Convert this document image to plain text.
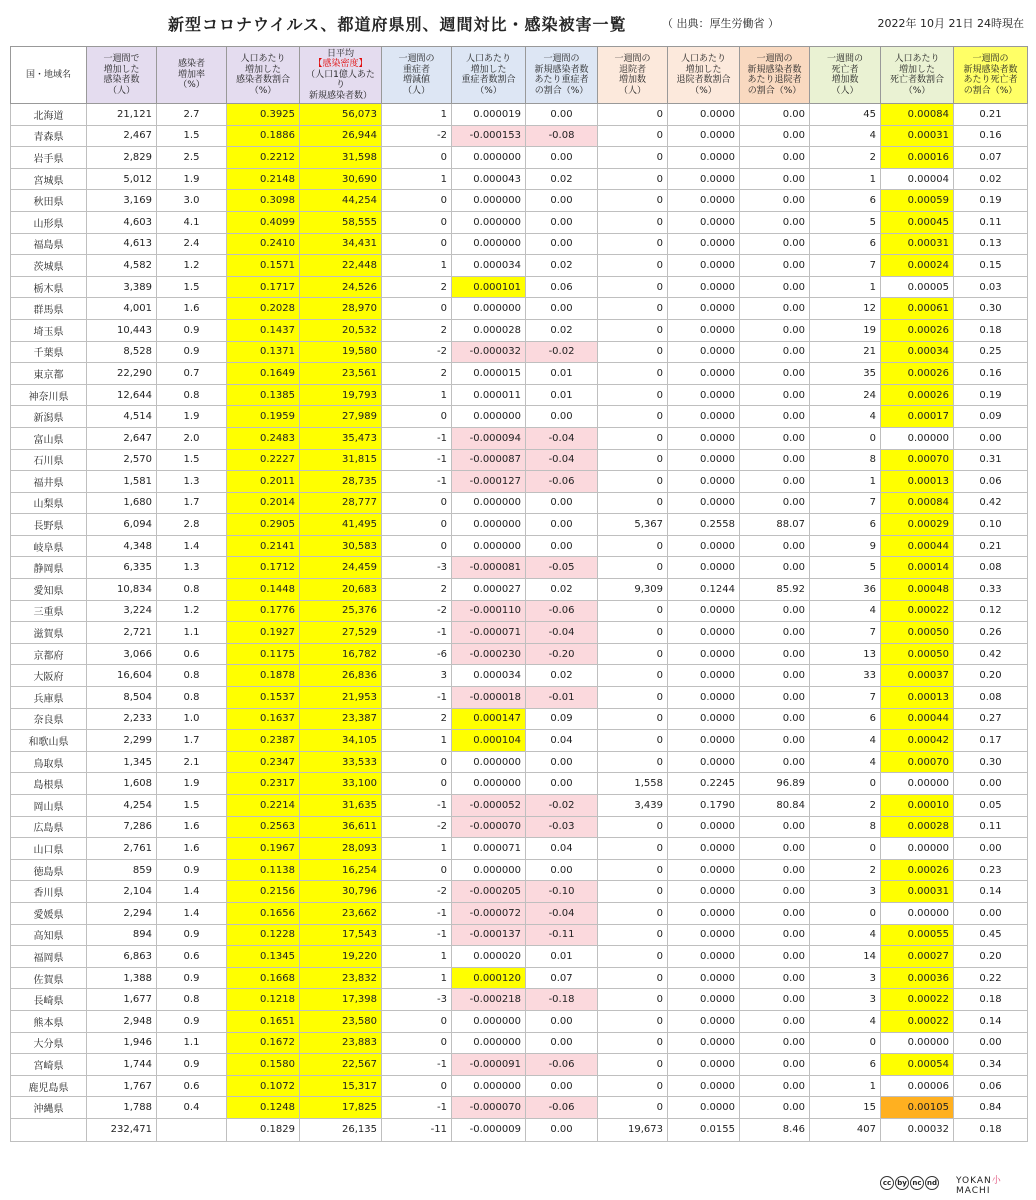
新型コロナウイルス、都道府県別、週間対比・感染被害一覧	（ 出典：厚生労働省 ）	2022年 10月 21日 24時現在
国・地域名	一週間で
増加した
感染者数
（人）	感染者
増加率
（%）	人口あたり
増加した
感染者数割合
（%）	日平均
【感染密度】
（人口1億人あたり
新規感染者数）	一週間の
重症者
増減値
（人）	人口あたり
増加した
重症者数割合
（%）	一週間の
新規感染者数
あたり重症者
の割合（%）	一週間の
退院者
増加数
（人）	人口あたり
増加した
退院者数割合
（%）	一週間の
新規感染者数
あたり退院者
の割合（%）	一週間の
死亡者
増加数
（人）	人口あたり
増加した
死亡者数割合
（%）	一週間の
新規感染者数
あたり死亡者
の割合（%）
北海道	21,121	2.7	0.3925	56,073	1	0.000019	0.00	0	0.0000	0.00	45	0.00084	0.21
青森県	2,467	1.5	0.1886	26,944	-2	-0.000153	-0.08	0	0.0000	0.00	4	0.00031	0.16
岩手県	2,829	2.5	0.2212	31,598	0	0.000000	0.00	0	0.0000	0.00	2	0.00016	0.07
宮城県	5,012	1.9	0.2148	30,690	1	0.000043	0.02	0	0.0000	0.00	1	0.00004	0.02
秋田県	3,169	3.0	0.3098	44,254	0	0.000000	0.00	0	0.0000	0.00	6	0.00059	0.19
山形県	4,603	4.1	0.4099	58,555	0	0.000000	0.00	0	0.0000	0.00	5	0.00045	0.11
福島県	4,613	2.4	0.2410	34,431	0	0.000000	0.00	0	0.0000	0.00	6	0.00031	0.13
茨城県	4,582	1.2	0.1571	22,448	1	0.000034	0.02	0	0.0000	0.00	7	0.00024	0.15
栃木県	3,389	1.5	0.1717	24,526	2	0.000101	0.06	0	0.0000	0.00	1	0.00005	0.03
群馬県	4,001	1.6	0.2028	28,970	0	0.000000	0.00	0	0.0000	0.00	12	0.00061	0.30
埼玉県	10,443	0.9	0.1437	20,532	2	0.000028	0.02	0	0.0000	0.00	19	0.00026	0.18
千葉県	8,528	0.9	0.1371	19,580	-2	-0.000032	-0.02	0	0.0000	0.00	21	0.00034	0.25
東京都	22,290	0.7	0.1649	23,561	2	0.000015	0.01	0	0.0000	0.00	35	0.00026	0.16
神奈川県	12,644	0.8	0.1385	19,793	1	0.000011	0.01	0	0.0000	0.00	24	0.00026	0.19
新潟県	4,514	1.9	0.1959	27,989	0	0.000000	0.00	0	0.0000	0.00	4	0.00017	0.09
富山県	2,647	2.0	0.2483	35,473	-1	-0.000094	-0.04	0	0.0000	0.00	0	0.00000	0.00
石川県	2,570	1.5	0.2227	31,815	-1	-0.000087	-0.04	0	0.0000	0.00	8	0.00070	0.31
福井県	1,581	1.3	0.2011	28,735	-1	-0.000127	-0.06	0	0.0000	0.00	1	0.00013	0.06
山梨県	1,680	1.7	0.2014	28,777	0	0.000000	0.00	0	0.0000	0.00	7	0.00084	0.42
長野県	6,094	2.8	0.2905	41,495	0	0.000000	0.00	5,367	0.2558	88.07	6	0.00029	0.10
岐阜県	4,348	1.4	0.2141	30,583	0	0.000000	0.00	0	0.0000	0.00	9	0.00044	0.21
静岡県	6,335	1.3	0.1712	24,459	-3	-0.000081	-0.05	0	0.0000	0.00	5	0.00014	0.08
愛知県	10,834	0.8	0.1448	20,683	2	0.000027	0.02	9,309	0.1244	85.92	36	0.00048	0.33
三重県	3,224	1.2	0.1776	25,376	-2	-0.000110	-0.06	0	0.0000	0.00	4	0.00022	0.12
滋賀県	2,721	1.1	0.1927	27,529	-1	-0.000071	-0.04	0	0.0000	0.00	7	0.00050	0.26
京都府	3,066	0.6	0.1175	16,782	-6	-0.000230	-0.20	0	0.0000	0.00	13	0.00050	0.42
大阪府	16,604	0.8	0.1878	26,836	3	0.000034	0.02	0	0.0000	0.00	33	0.00037	0.20
兵庫県	8,504	0.8	0.1537	21,953	-1	-0.000018	-0.01	0	0.0000	0.00	7	0.00013	0.08
奈良県	2,233	1.0	0.1637	23,387	2	0.000147	0.09	0	0.0000	0.00	6	0.00044	0.27
和歌山県	2,299	1.7	0.2387	34,105	1	0.000104	0.04	0	0.0000	0.00	4	0.00042	0.17
鳥取県	1,345	2.1	0.2347	33,533	0	0.000000	0.00	0	0.0000	0.00	4	0.00070	0.30
島根県	1,608	1.9	0.2317	33,100	0	0.000000	0.00	1,558	0.2245	96.89	0	0.00000	0.00
岡山県	4,254	1.5	0.2214	31,635	-1	-0.000052	-0.02	3,439	0.1790	80.84	2	0.00010	0.05
広島県	7,286	1.6	0.2563	36,611	-2	-0.000070	-0.03	0	0.0000	0.00	8	0.00028	0.11
山口県	2,761	1.6	0.1967	28,093	1	0.000071	0.04	0	0.0000	0.00	0	0.00000	0.00
徳島県	859	0.9	0.1138	16,254	0	0.000000	0.00	0	0.0000	0.00	2	0.00026	0.23
香川県	2,104	1.4	0.2156	30,796	-2	-0.000205	-0.10	0	0.0000	0.00	3	0.00031	0.14
愛媛県	2,294	1.4	0.1656	23,662	-1	-0.000072	-0.04	0	0.0000	0.00	0	0.00000	0.00
高知県	894	0.9	0.1228	17,543	-1	-0.000137	-0.11	0	0.0000	0.00	4	0.00055	0.45
福岡県	6,863	0.6	0.1345	19,220	1	0.000020	0.01	0	0.0000	0.00	14	0.00027	0.20
佐賀県	1,388	0.9	0.1668	23,832	1	0.000120	0.07	0	0.0000	0.00	3	0.00036	0.22
長崎県	1,677	0.8	0.1218	17,398	-3	-0.000218	-0.18	0	0.0000	0.00	3	0.00022	0.18
熊本県	2,948	0.9	0.1651	23,580	0	0.000000	0.00	0	0.0000	0.00	4	0.00022	0.14
大分県	1,946	1.1	0.1672	23,883	0	0.000000	0.00	0	0.0000	0.00	0	0.00000	0.00
宮崎県	1,744	0.9	0.1580	22,567	-1	-0.000091	-0.06	0	0.0000	0.00	6	0.00054	0.34
鹿児島県	1,767	0.6	0.1072	15,317	0	0.000000	0.00	0	0.0000	0.00	1	0.00006	0.06
沖縄県	1,788	0.4	0.1248	17,825	-1	-0.000070	-0.06	0	0.0000	0.00	15	0.00105	0.84
	232,471		0.1829	26,135	-11	-0.000009	0.00	19,673	0.0155	8.46	407	0.00032	0.18
cc by nc nd	YOKAN小MACHI
